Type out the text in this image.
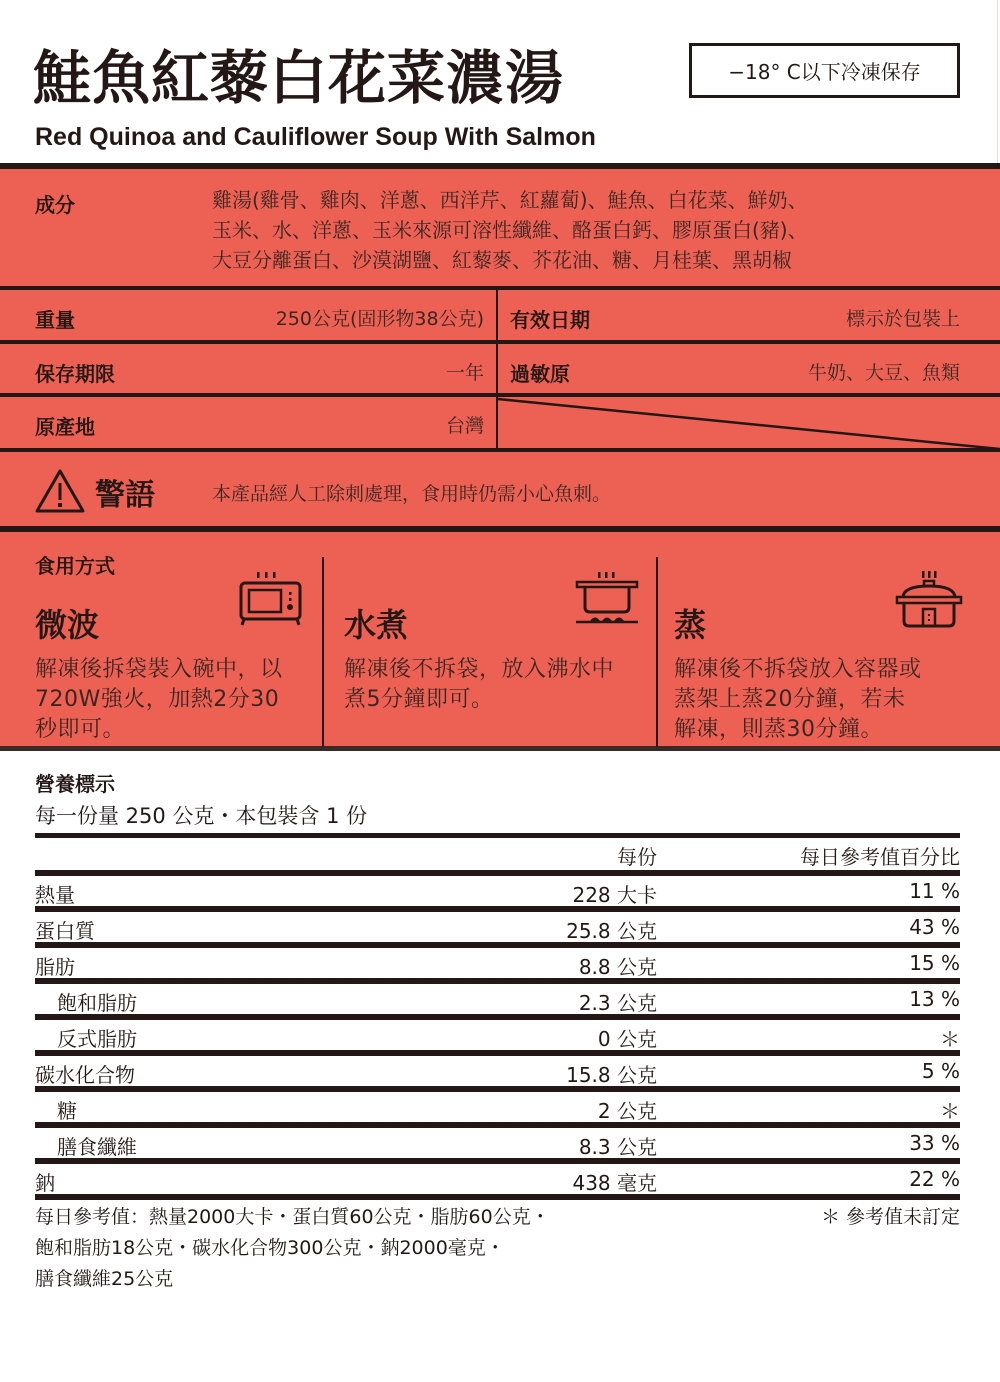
鮭魚紅藜白花菜濃湯
Red Quinoa and Cauliflower Soup With Salmon
−18° C以下冷凍保存
成分	雞湯(雞骨、雞肉、洋蔥、西洋芹、紅蘿蔔)、鮭魚、白花菜、鮮奶、
玉米、水、洋蔥、玉米來源可溶性纖維、酪蛋白鈣、膠原蛋白(豬)、
大豆分離蛋白、沙漠湖鹽、紅藜麥、芥花油、糖、月桂葉、黑胡椒
重量	250公克(固形物38公克) 有效日期	標示於包裝上
保存期限	一年 過敏原	牛奶、大豆、魚類
原產地	台灣
警語	本產品經人工除刺處理，食用時仍需小心魚刺。
食用方式
微波
解凍後拆袋裝入碗中，以
720W強火，加熱2分30
秒即可。
水煮
解凍後不拆袋，放入沸水中
煮5分鐘即可。
蒸
解凍後不拆袋放入容器或
蒸架上蒸20分鐘，若未
解凍，則蒸30分鐘。
營養標示
每一份量 250 公克・本包裝含 1 份
每份	每日參考值百分比
熱量	228 大卡	11 %
蛋白質	25.8 公克	43 %
脂肪	8.8 公克	15 %
飽和脂肪	2.3 公克	13 %
反式脂肪	0 公克	＊
碳水化合物	15.8 公克	5 %
糖	2 公克	＊
膳食纖維	8.3 公克	33 %
鈉	438 毫克	22 %
每日參考值：熱量2000大卡・蛋白質60公克・脂肪60公克・
飽和脂肪18公克・碳水化合物300公克・鈉2000毫克・
膳食纖維25公克
＊ 參考值未訂定
